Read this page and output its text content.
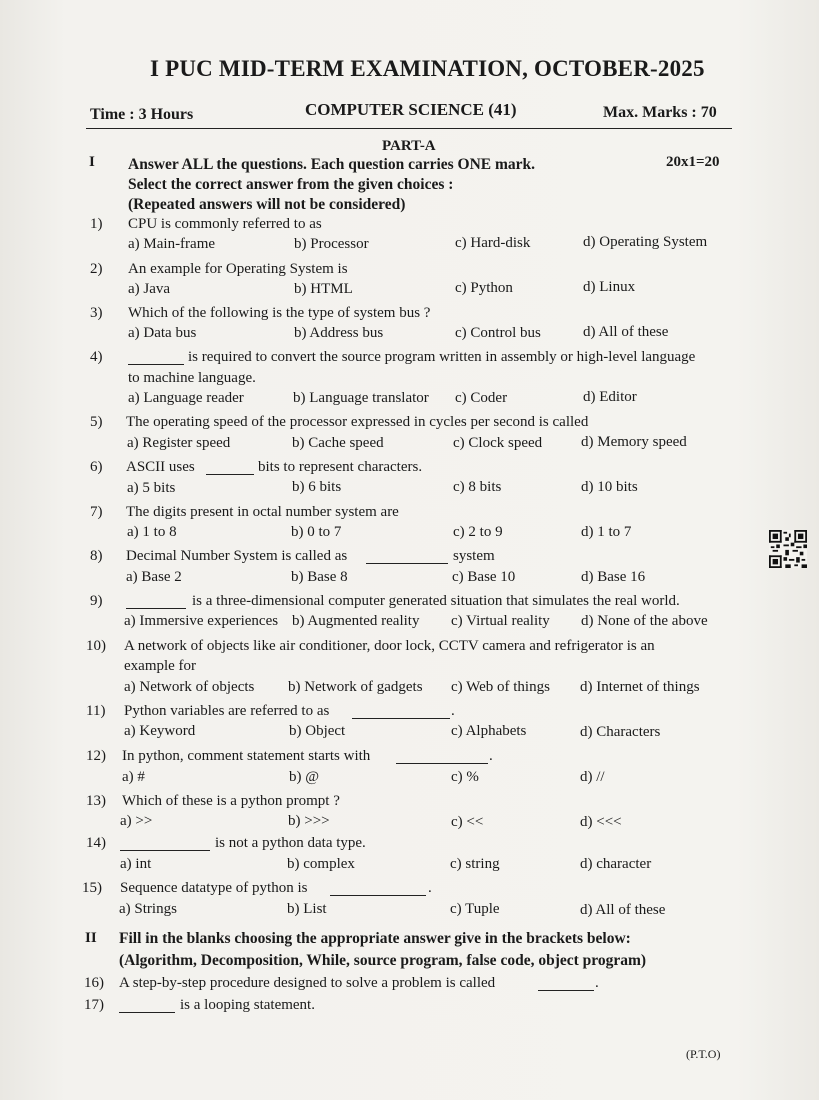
I PUC MID-TERM EXAMINATION, OCTOBER-2025
Time : 3 Hours	COMPUTER SCIENCE (41)	Max. Marks : 70
PART-A
I Answer ALL the questions. Each question carries ONE mark.
Select the correct answer from the given choices :
(Repeated answers will not be considered)
20x1=20
1) CPU is commonly referred to as
a) Main-frame	b) Processor	c) Hard-disk	d) Operating System
2) An example for Operating System is
a) Java	b) HTML	c) Python	d) Linux
3) Which of the following is the type of system bus ?
a) Data bus	b) Address bus	c) Control bus	d) All of these
4)	is required to convert the source program written in assembly or high-level language
to machine language.
a) Language reader	b) Language translator c) Coder	d) Editor
5) The operating speed of the processor expressed in cycles per second is called
a) Register speed	b) Cache speed	c) Clock speed	d) Memory speed
6) ASCII uses	bits to represent characters.
a) 5 bits	b) 6 bits	c) 8 bits	d) 10 bits
7) The digits present in octal number system are
a) 1 to 8	b) 0 to 7	c) 2 to 9	d) 1 to 7
8) Decimal Number System is called as	system
a) Base 2	b) Base 8	c) Base 10	d) Base 16
9)	is a three-dimensional computer generated situation that simulates the real world.
a) Immersive experiences b) Augmented reality c) Virtual reality d) None of the above
10) A network of objects like air conditioner, door lock, CCTV camera and refrigerator is an
example for
a) Network of objects b) Network of gadgets c) Web of things d) Internet of things
11) Python variables are referred to as	.
a) Keyword	b) Object	c) Alphabets	d) Characters
12) In python, comment statement starts with	.
a) #	b) @	c) %	d) //
13) Which of these is a python prompt ?
a) >>	b) >>>	c) <<	d) <<<
14)	is not a python data type.
a) int	b) complex	c) string	d) character
15) Sequence datatype of python is	.
a) Strings	b) List	c) Tuple	d) All of these
II Fill in the blanks choosing the appropriate answer give in the brackets below:
(Algorithm, Decomposition, While, source program, false code, object program)
16) A step-by-step procedure designed to solve a problem is called	.
17)	is a looping statement.
(P.T.O)
